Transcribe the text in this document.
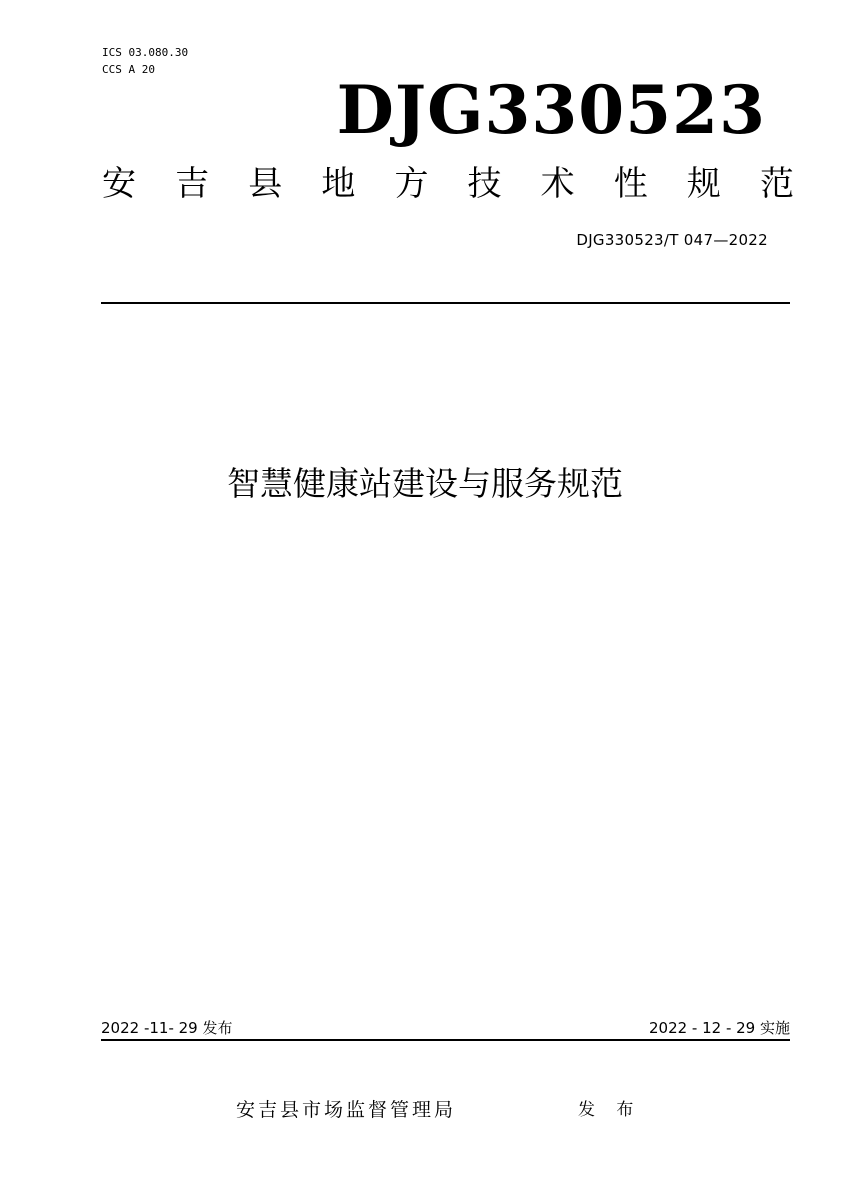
ICS 03.080.30
CCS A 20
DJG330523
安 吉 县 地 方 技 术 性 规 范
DJG330523/T 047—2022
智慧健康站建设与服务规范
2022 -11- 29 发布	2022 - 12 - 29 实施
安吉县市场监督管理局	发 布
